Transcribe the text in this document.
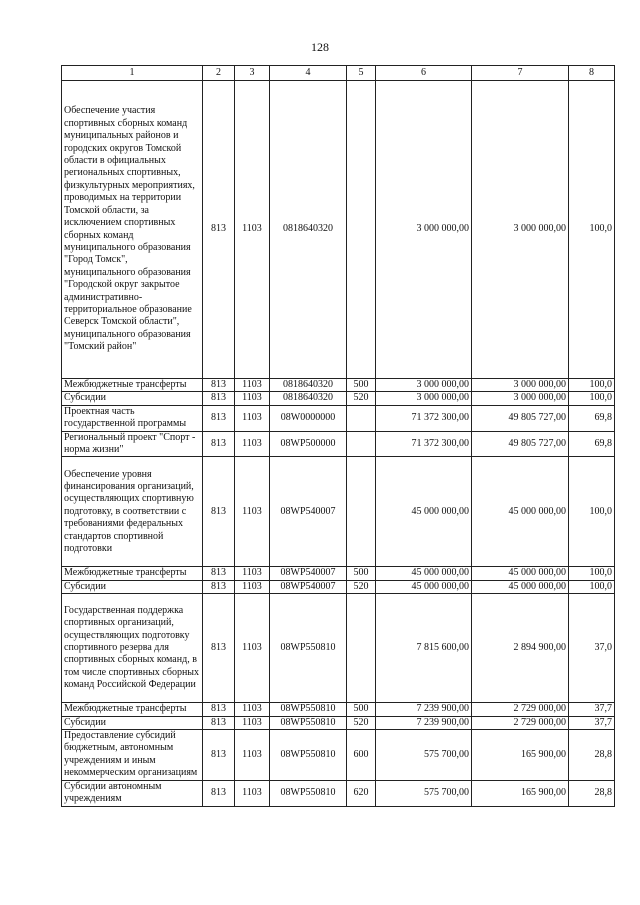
128
1	2	3	4	5	6	7	8
Обеспечение участия спортивных сборных команд муниципальных районов и городских округов Томской области в официальных региональных спортивных, физкультурных мероприятиях, проводимых на территории Томской области, за исключением спортивных сборных команд муниципального образования "Город Томск", муниципального образования "Городской округ закрытое административно-территориальное образование Северск Томской области", муниципального образования "Томский район"	813	1103	0818640320		3 000 000,00	3 000 000,00	100,0
Межбюджетные трансферты	813	1103	0818640320	500	3 000 000,00	3 000 000,00	100,0
Субсидии	813	1103	0818640320	520	3 000 000,00	3 000 000,00	100,0
Проектная часть государственной программы	813	1103	08W0000000		71 372 300,00	49 805 727,00	69,8
Региональный проект "Спорт - норма жизни"	813	1103	08WP500000		71 372 300,00	49 805 727,00	69,8
Обеспечение уровня финансирования организаций, осуществляющих спортивную подготовку, в соответствии с требованиями федеральных стандартов спортивной подготовки	813	1103	08WP540007		45 000 000,00	45 000 000,00	100,0
Межбюджетные трансферты	813	1103	08WP540007	500	45 000 000,00	45 000 000,00	100,0
Субсидии	813	1103	08WP540007	520	45 000 000,00	45 000 000,00	100,0
Государственная поддержка спортивных организаций, осуществляющих подготовку спортивного резерва для спортивных сборных команд, в том числе спортивных сборных команд Российской Федерации	813	1103	08WP550810		7 815 600,00	2 894 900,00	37,0
Межбюджетные трансферты	813	1103	08WP550810	500	7 239 900,00	2 729 000,00	37,7
Субсидии	813	1103	08WP550810	520	7 239 900,00	2 729 000,00	37,7
Предоставление субсидий бюджетным, автономным учреждениям и иным некоммерческим организациям	813	1103	08WP550810	600	575 700,00	165 900,00	28,8
Субсидии автономным учреждениям	813	1103	08WP550810	620	575 700,00	165 900,00	28,8
